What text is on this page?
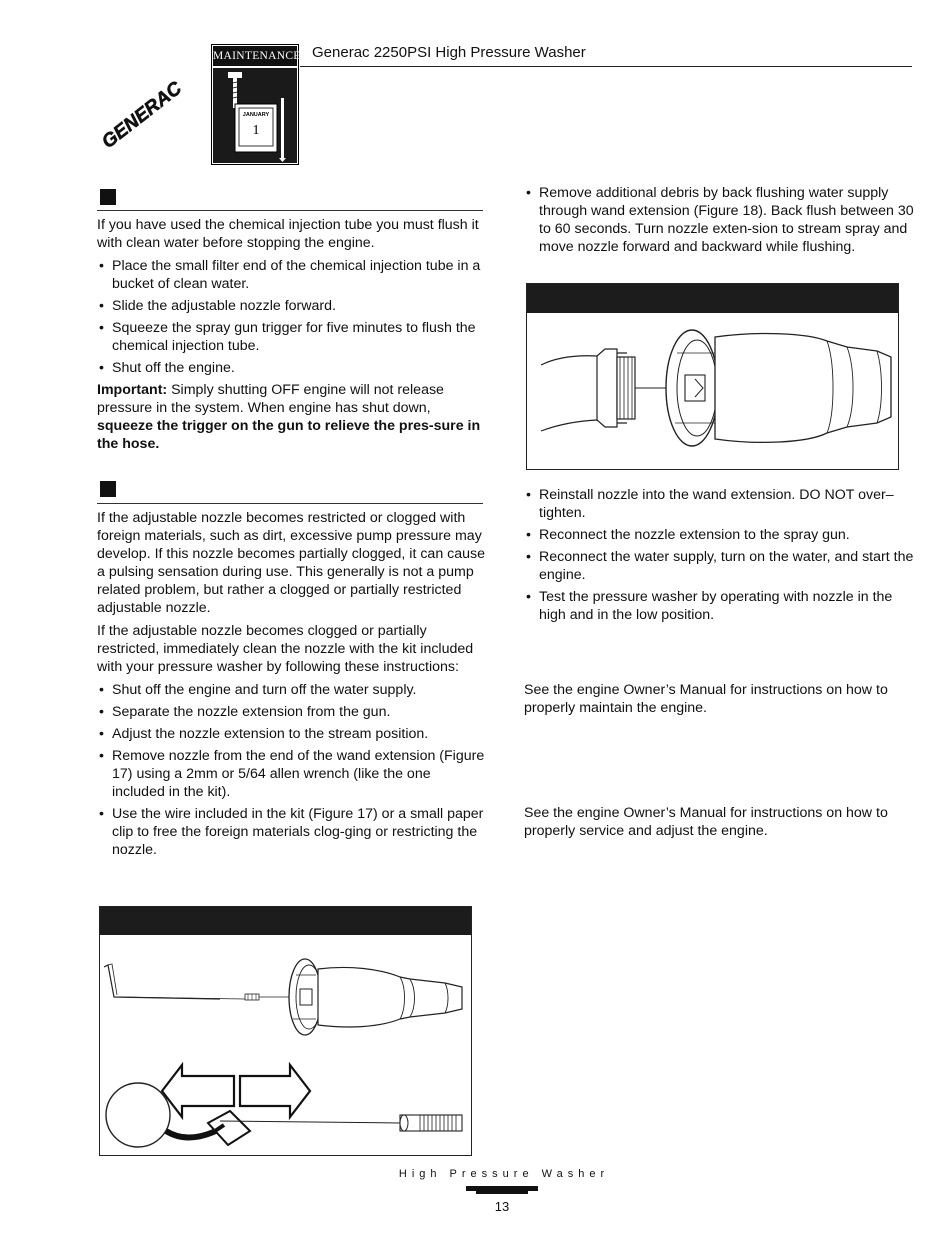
GENERAC
MAINTENANCE
JANUARY
1
Generac 2250PSI High Pressure Washer

If you have used the chemical injection tube you must flush it with clean water before stopping the engine.

• Place the small filter end of the chemical injection tube in a bucket of clean water.
• Slide the adjustable nozzle forward.
• Squeeze the spray gun trigger for five minutes to flush the chemical injection tube.
• Shut off the engine.

Important: Simply shutting OFF engine will not release pressure in the system. When engine has shut down, squeeze the trigger on the gun to relieve the pres-sure in the hose.

If the adjustable nozzle becomes restricted or clogged with foreign materials, such as dirt, excessive pump pressure may develop. If this nozzle becomes partially clogged, it can cause a pulsing sensation during use. This generally is not a pump related problem, but rather a clogged or partially restricted adjustable nozzle.

If the adjustable nozzle becomes clogged or partially restricted, immediately clean the nozzle with the kit included with your pressure washer by following these instructions:

• Shut off the engine and turn off the water supply.
• Separate the nozzle extension from the gun.
• Adjust the nozzle extension to the stream position.
• Remove nozzle from the end of the wand extension (Figure 17) using a 2mm or 5/64 allen wrench (like the one included in the kit).
• Use the wire included in the kit (Figure 17) or a small paper clip to free the foreign materials clog-ging or restricting the nozzle.
• Remove additional debris by back flushing water supply through wand extension (Figure 18). Back flush between 30 to 60 seconds. Turn nozzle exten-sion to stream spray and move nozzle forward and backward while flushing.
• Reinstall nozzle into the wand extension. DO NOT over–tighten.
• Reconnect the nozzle extension to the spray gun.
• Reconnect the water supply, turn on the water, and start the engine.
• Test the pressure washer by operating with nozzle in the high and in the low position.

See the engine Owner’s Manual for instructions on how to properly maintain the engine.

See the engine Owner’s Manual for instructions on how to properly service and adjust the engine.

High Pressure Washer
13
